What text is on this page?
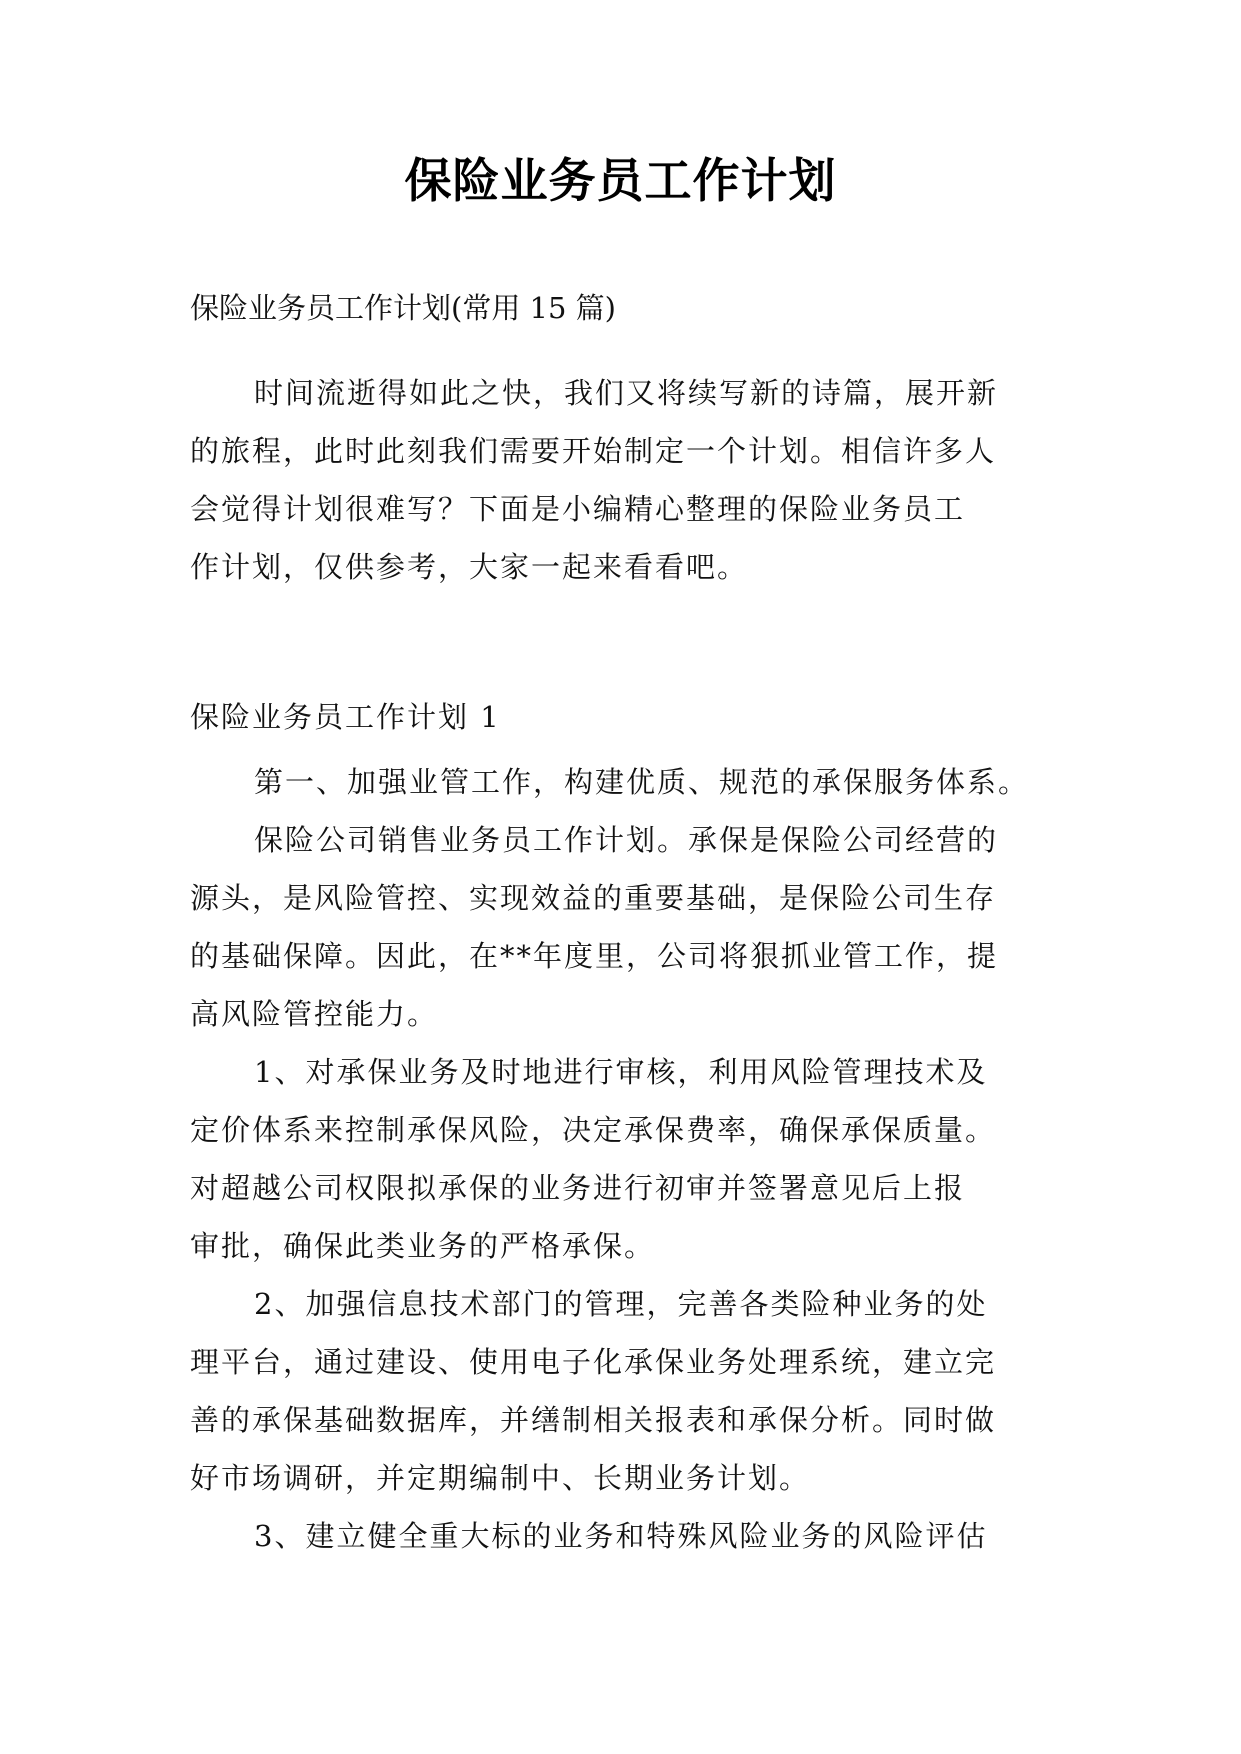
保险业务员工作计划
保险业务员工作计划(常用 15 篇)
时间流逝得如此之快，我们又将续写新的诗篇，展开新
的旅程，此时此刻我们需要开始制定一个计划。相信许多人
会觉得计划很难写？下面是小编精心整理的保险业务员工
作计划，仅供参考，大家一起来看看吧。
保险业务员工作计划 1
第一、加强业管工作，构建优质、规范的承保服务体系。
保险公司销售业务员工作计划。承保是保险公司经营的
源头，是风险管控、实现效益的重要基础，是保险公司生存
的基础保障。因此，在**年度里，公司将狠抓业管工作，提
高风险管控能力。
1、对承保业务及时地进行审核，利用风险管理技术及
定价体系来控制承保风险，决定承保费率，确保承保质量。
对超越公司权限拟承保的业务进行初审并签署意见后上报
审批，确保此类业务的严格承保。
2、加强信息技术部门的管理，完善各类险种业务的处
理平台，通过建设、使用电子化承保业务处理系统，建立完
善的承保基础数据库，并缮制相关报表和承保分析。同时做
好市场调研，并定期编制中、长期业务计划。
3、建立健全重大标的业务和特殊风险业务的风险评估
